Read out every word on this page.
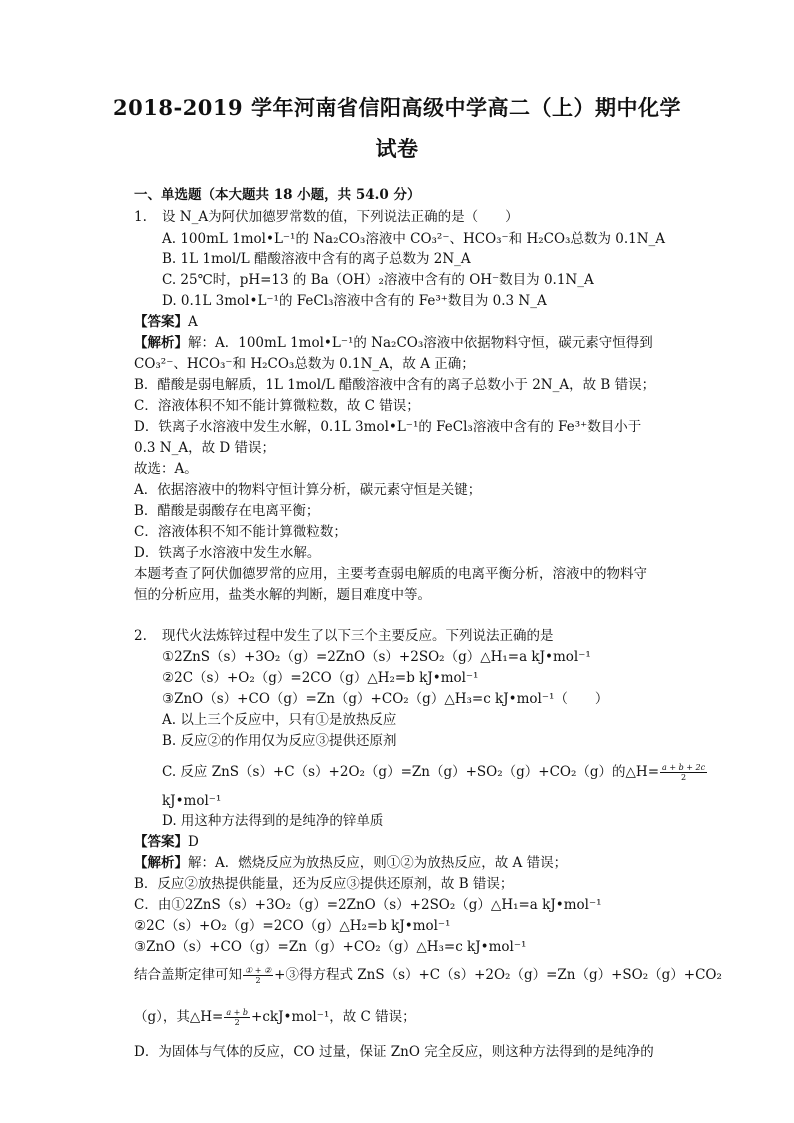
2018-2019 学年河南省信阳高级中学高二（上）期中化学
试卷
一、单选题（本大题共 18 小题，共 54.0 分）
1. 设 N_A为阿伏加德罗常数的值，下列说法正确的是（　　）
A. 100mL 1mol•L⁻¹的 Na₂CO₃溶液中 CO₃²⁻、HCO₃⁻和 H₂CO₃总数为 0.1N_A
B. 1L 1mol/L 醋酸溶液中含有的离子总数为 2N_A
C. 25℃时，pH=13 的 Ba（OH）₂溶液中含有的 OH⁻数目为 0.1N_A
D. 0.1L 3mol•L⁻¹的 FeCl₃溶液中含有的 Fe³⁺数目为 0.3 N_A
【答案】A
【解析】解：A．100mL 1mol•L⁻¹的 Na₂CO₃溶液中依据物料守恒，碳元素守恒得到
CO₃²⁻、HCO₃⁻和 H₂CO₃总数为 0.1N_A，故 A 正确；
B．醋酸是弱电解质，1L 1mol/L 醋酸溶液中含有的离子总数小于 2N_A，故 B 错误；
C．溶液体积不知不能计算微粒数，故 C 错误；
D．铁离子水溶液中发生水解，0.1L 3mol•L⁻¹的 FeCl₃溶液中含有的 Fe³⁺数目小于
0.3 N_A，故 D 错误；
故选：A。
A．依据溶液中的物料守恒计算分析，碳元素守恒是关键；
B．醋酸是弱酸存在电离平衡；
C．溶液体积不知不能计算微粒数；
D．铁离子水溶液中发生水解。
本题考查了阿伏伽德罗常的应用，主要考查弱电解质的电离平衡分析，溶液中的物料守
恒的分析应用，盐类水解的判断，题目难度中等。
2. 现代火法炼锌过程中发生了以下三个主要反应。下列说法正确的是
①2ZnS（s）+3O₂（g）=2ZnO（s）+2SO₂（g）△H₁=a kJ•mol⁻¹
②2C（s）+O₂（g）=2CO（g）△H₂=b kJ•mol⁻¹
③ZnO（s）+CO（g）=Zn（g）+CO₂（g）△H₃=c kJ•mol⁻¹（　　）
A. 以上三个反应中，只有①是放热反应
B. 反应②的作用仅为反应③提供还原剂
C. 反应 ZnS（s）+C（s）+2O₂（g）=Zn（g）+SO₂（g）+CO₂（g）的△H= $\frac{a + b + 2c}{2}$
kJ•mol⁻¹
D. 用这种方法得到的是纯净的锌单质
【答案】D
【解析】解：A．燃烧反应为放热反应，则①②为放热反应，故 A 错误；
B．反应②放热提供能量，还为反应③提供还原剂，故 B 错误；
C．由①2ZnS（s）+3O₂（g）=2ZnO（s）+2SO₂（g）△H₁=a kJ•mol⁻¹
②2C（s）+O₂（g）=2CO（g）△H₂=b kJ•mol⁻¹
③ZnO（s）+CO（g）=Zn（g）+CO₂（g）△H₃=c kJ•mol⁻¹
结合盖斯定律可知 $\frac{\text{① + ②}}{2}$ +③得方程式 ZnS（s）+C（s）+2O₂（g）=Zn（g）+SO₂（g）+CO₂
（g），其△H= $\frac{a + b}{2}$ +ckJ•mol⁻¹，故 C 错误；
D．为固体与气体的反应，CO 过量，保证 ZnO 完全反应，则这种方法得到的是纯净的
